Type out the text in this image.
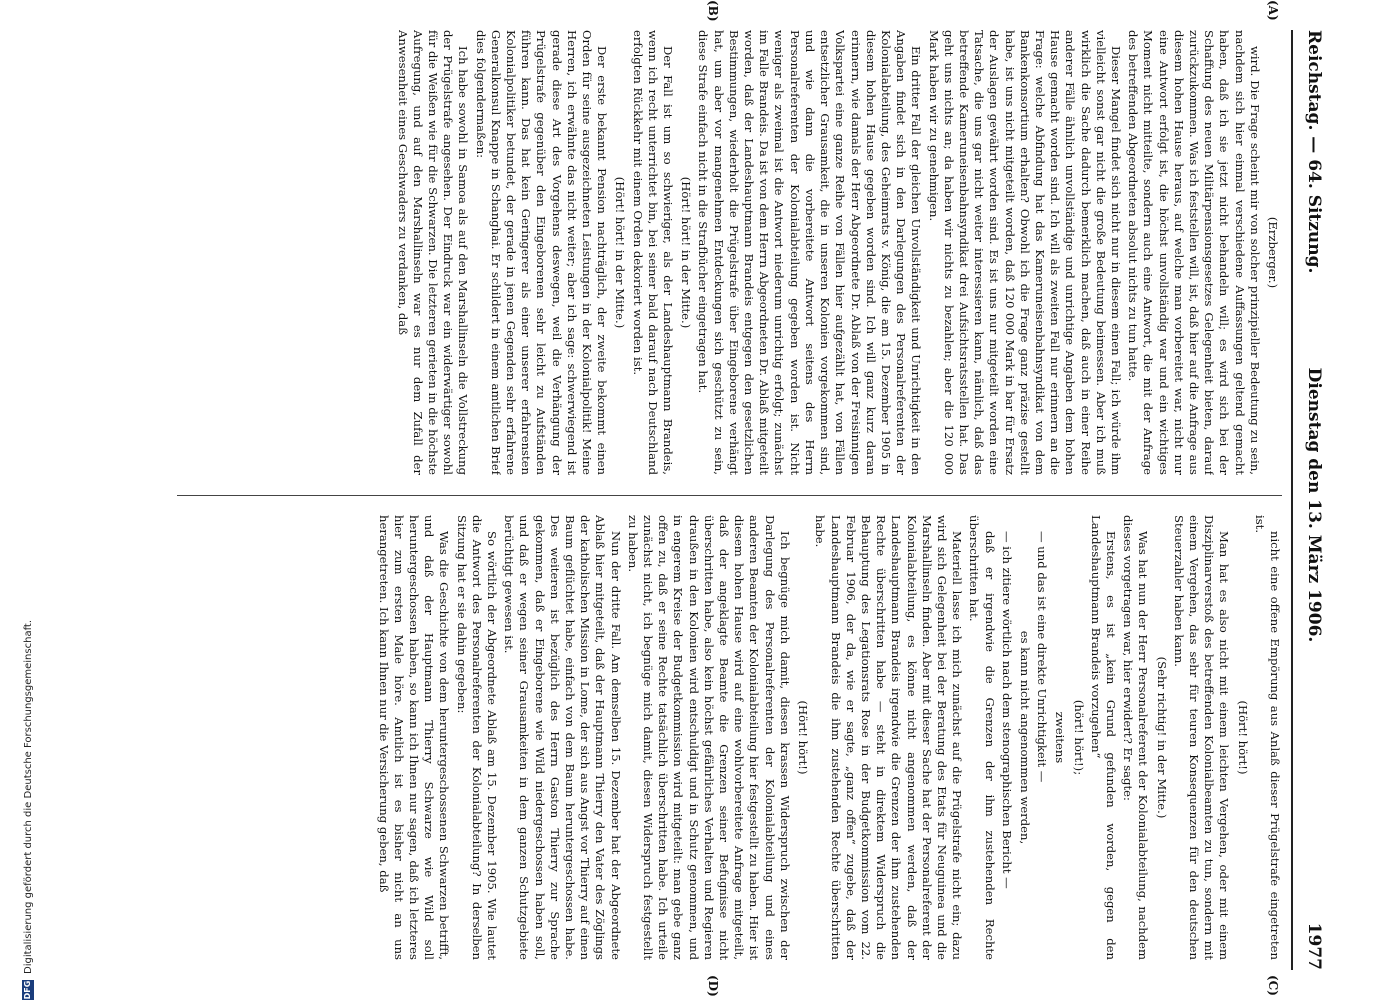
Reichstag. — 64. Sitzung.
Dienstag den 13. März 1906.
1977
(A)
(B)
(C)
(D)

(Erzberger.)

wird. Die Frage scheint mir von solcher prinzipieller Bedeutung zu sein, nachdem sich hier einmal verschiedene Auffassungen geltend gemacht haben, daß ich sie jetzt nicht behandeln will; es wird sich bei der Schaffung des neuen Militärpensionsgesetzes Gelegenheit bieten, darauf zurückzukommen. Was ich feststellen will, ist, daß hier auf die Anfrage aus diesem hohen Hause heraus, auf welche man vorbereitet war, nicht nur eine Antwort erfolgt ist, die höchst unvollständig war und ein wichtiges Moment nicht mitteilte, sondern auch eine Antwort, die mit der Anfrage des betreffenden Abgeordneten absolut nichts zu tun hatte.

Dieser Mangel findet sich nicht nur in diesem einen Fall; ich würde ihm vielleicht sonst gar nicht die große Bedeutung beimessen. Aber ich muß wirklich die Sache dadurch bemerklich machen, daß auch in einer Reihe anderer Fälle ähnlich unvollständige und unrichtige Angaben dem hohen Hause gemacht worden sind. Ich will als zweiten Fall nur erinnern an die Frage: welche Abfindung hat das Kameruneisenbahnsyndikat von dem Bankenkonsortium erhalten? Obwohl ich die Frage ganz präzise gestellt habe, ist uns nicht mitgeteilt worden, daß 120 000 Mark in bar für Ersatz der Auslagen gewährt worden sind. Es ist uns nur mitgeteilt worden eine Tatsache, die uns gar nicht weiter interessieren kann, nämlich, daß das betreffende Kameruneisenbahnsyndikat drei Aufsichtsratsstellen hat. Das geht uns nichts an; da haben wir nichts zu bezahlen; aber die 120 000 Mark haben wir zu genehmigen.

Ein dritter Fall der gleichen Unvollständigkeit und Unrichtigkeit in den Angaben findet sich in den Darlegungen des Personalreferenten der Kolonialabteilung, des Geheimrats v. König, die am 15. Dezember 1905 in diesem hohen Hause gegeben worden sind. Ich will ganz kurz daran erinnern, wie damals der Herr Abgeordnete Dr. Ablaß von der Freisinnigen Volkspartei eine ganze Reihe von Fällen hier aufgezählt hat, von Fällen entsetzlicher Grausamkeit, die in unseren Kolonien vorgekommen sind, und wie dann die vorbereitete Antwort seitens des Herrn Personalreferenten der Kolonialabteilung gegeben worden ist. Nicht weniger als zweimal ist die Antwort niederum unrichtig erfolgt; zunächst im Falle Brandeis. Da ist von dem Herrn Abgeordneten Dr. Ablaß mitgeteilt worden, daß der Landeshauptmann Brandeis entgegen den gesetzlichen Bestimmungen, wiederholt die Prügelstrafe über Eingeborene verhängt hat, um aber vor mangenehmen Entdeckungen sich geschützt zu sein, diese Strafe einfach nicht in die Strafbücher eingetragen hat.

(Hört! hört! in der Mitte.)

Der Fall ist um so schwieriger, als der Landeshauptmann Brandeis, wenn ich recht unterrichtet bin, bei seiner bald darauf nach Deutschland erfolgten Rückkehr mit einem Orden dekoriert worden ist.

(Hört! hört! in der Mitte.)

Der erste bekannt Pension nachträglich, der zweite bekommt einen Orden für seine ausgezeichneten Leistungen in der Kolonialpolitik! Meine Herren, ich erwähnte das nicht weiter; aber ich sage: schwerwiegend ist gerade diese Art des Vorgehens deswegen, weil die Verhängung der Prügelstrafe gegenüber den Eingeborenen sehr leicht zu Aufständen führen kann. Das hat kein Geringerer als einer unserer erfahrensten Kolonialpolitiker betundet, der gerade in jenen Gegenden sehr erfahrene Generalkonsul Knappe in Schanghai. Er schildert in einem amtlichen Brief dies folgendermaßen:

Ich habe sowohl in Samoa als auf den Marshallinseln die Vollstreckung der Prügelstrafe angesehen. Der Eindruck war ein widerwärtiger sowohl für die Weißen wie für die Schwarzen. Die letzteren gerieten in die höchste Aufregung, und auf den Marshallinseln war es nur dem Zufall der Anwesenheit eines Geschwaders zu verdanken, daß

nicht eine offene Empörung aus Anlaß dieser Prügelstrafe eingetreten ist.

(Hört! hört!)

Man hat es also nicht mit einem leichten Vergehen, oder mit einem Disziplinarverstoß des betreffenden Kolonialbeamten zu tun, sondern mit einem Vergehen, das sehr für teuren Konsequenzen für den deutschen Steuerzahler haben kann.

(Sehr richtig! in der Mitte.)

Was hat nun der Herr Personalreferent der Kolonialabteilung, nachdem dieses vorgetragen war, hier erwidert? Er sagte:

Erstens, es ist „kein Grund gefunden worden, gegen den Landeshauptmann Brandeis vorzugehen“

(hört! hört!);

zweitens

— und das ist eine direkte Unrichtigkeit —

es kann nicht angenommen werden,

— ich zitiere wörtlich nach dem stenographischen Bericht —

daß er irgendwie die Grenzen der ihm zustehenden Rechte überschritten hat.

Materiell lasse ich mich zunächst auf die Prügelstrafe nicht ein; dazu wird sich Gelegenheit bei der Beratung des Etats für Neuguinea und die Marshallinseln finden. Aber mit dieser Sache hat der Personalreferent der Kolonialabteilung, es könne nicht angenommen werden, daß der Landeshauptmann Brandeis irgendwie die Grenzen der ihm zustehenden Rechte überschritten habe — steht in direktem Widerspruch die Behauptung des Legationsrats Rose in der Budgetkommission vom 22. Februar 1906, der da, wie er sagte, „ganz offen“ zugebe, daß der Landeshauptmann Brandeis die ihm zustehenden Rechte überschritten habe.

(Hört! hört!)

Ich begnüge mich damit, diesen krassen Widerspruch zwischen der Darlegung des Personalreferenten der Kolonialabteilung und eines anderen Beamten der Kolonialabteilung hier festgestellt zu haben. Hier ist diesem hohen Hause wird auf eine wohlvorbereitete Anfrage mitgeteilt, daß der angeklagte Beamte die Grenzen seiner Befugnisse nicht überschritten habe, also kein höchst gefährliches Verhalten und Regieren draußen in den Kolonien wird entschuldigt und in Schutz genommen, und in engerem Kreise der Budgetkommission wird mitgeteilt: man gebe ganz offen zu, daß er seine Rechte tatsächlich überschritten habe. Ich urteile zunächst nicht, ich begnüge mich damit, diesen Widerspruch festgestellt zu haben.

Nun der dritte Fall. Am demselben 15. Dezember hat der Abgeordnete Ablaß hier mitgeteilt, daß der Hauptmann Thierry den Vater des Zöglings der katholischen Mission in Lome, der sich aus Angst vor Thierry auf einen Baum geflüchtet habe, einfach von dem Baum heruntergeschossen habe. Des weiteren ist bezüglich des Herrn Gaston Thierry zur Sprache gekommen, daß er Eingeborene wie Wild niedergeschossen haben soll, und daß er wegen seiner Grausamkeiten in dem ganzen Schutzgebiete berüchtigt gewesen ist.

So wörtlich der Abgeordnete Ablaß am 15. Dezember 1905. Wie lautet die Antwort des Personalreferenten der Kolonialabteilung? In derselben Sitzung hat er sie dahin gegeben:

Was die Geschichte von dem heruntergeschossenen Schwarzen betrifft, und daß der Hauptmann Thierry Schwarze wie Wild soll heruntergeschossen haben, so kann ich Ihnen nur sagen, daß ich letzteres hier zum ersten Male höre. Amtlich ist es bisher nicht an uns herangetreten. Ich kann Ihnen nur die Versicherung geben, daß

DFGDigitalisierung gefördert durch die Deutsche Forschungsgemeinschaft.
